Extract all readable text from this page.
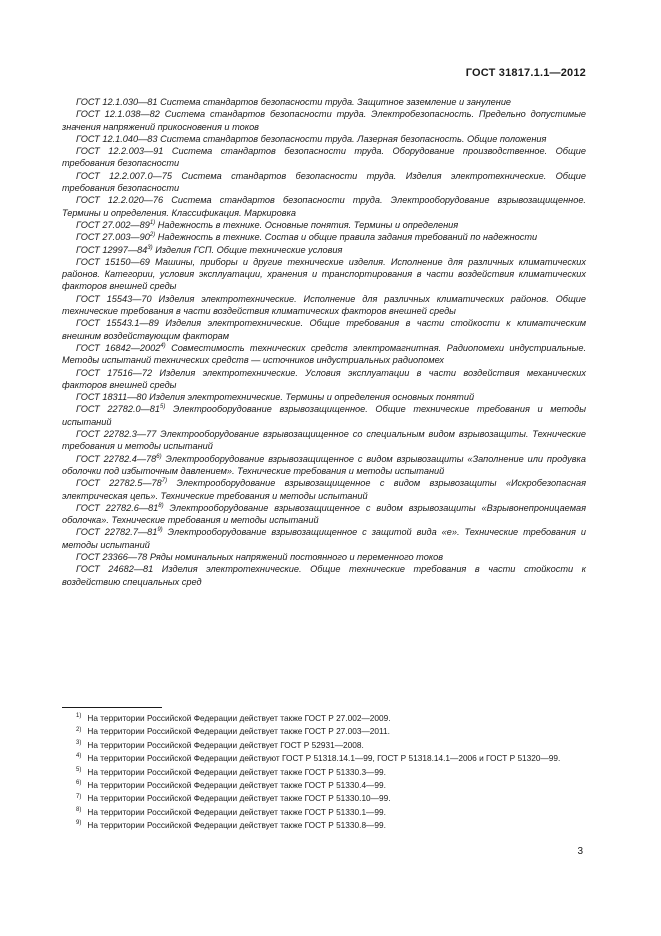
ГОСТ 31817.1.1—2012

ГОСТ 12.1.030—81 Система стандартов безопасности труда. Защитное заземление и зануление

ГОСТ 12.1.038—82 Система стандартов безопасности труда. Электробезопасность. Предельно допустимые значения напряжений прикосновения и токов

ГОСТ 12.1.040—83 Система стандартов безопасности труда. Лазерная безопасность. Общие положения

ГОСТ 12.2.003—91 Система стандартов безопасности труда. Оборудование производственное. Общие требования безопасности

ГОСТ 12.2.007.0—75 Система стандартов безопасности труда. Изделия электротехнические. Общие требования безопасности

ГОСТ 12.2.020—76 Система стандартов безопасности труда. Электрооборудование взрывозащищенное. Термины и определения. Классификация. Маркировка

ГОСТ 27.002—89$^{1)}$ Надежность в технике. Основные понятия. Термины и определения

ГОСТ 27.003—90$^{2)}$ Надежность в технике. Состав и общие правила задания требований по надежности

ГОСТ 12997—84$^{3)}$ Изделия ГСП. Общие технические условия

ГОСТ 15150—69 Машины, приборы и другие технические изделия. Исполнение для различных климатических районов. Категории, условия эксплуатации, хранения и транспортирования в части воздействия климатических факторов внешней среды

ГОСТ 15543—70 Изделия электротехнические. Исполнение для различных климатических районов. Общие технические требования в части воздействия климатических факторов внешней среды

ГОСТ 15543.1—89 Изделия электротехнические. Общие требования в части стойкости к климатическим внешним воздействующим факторам

ГОСТ 16842—2002$^{4)}$ Совместимость технических средств электромагнитная. Радиопомехи индустриальные. Методы испытаний технических средств — источников индустриальных радиопомех

ГОСТ 17516—72 Изделия электротехнические. Условия эксплуатации в части воздействия механических факторов внешней среды

ГОСТ 18311—80 Изделия электротехнические. Термины и определения основных понятий

ГОСТ 22782.0—81$^{5)}$ Электрооборудование взрывозащищенное. Общие технические требования и методы испытаний

ГОСТ 22782.3—77 Электрооборудование взрывозащищенное со специальным видом взрывозащиты. Технические требования и методы испытаний

ГОСТ 22782.4—78$^{6)}$ Электрооборудование взрывозащищенное с видом взрывозащиты «Заполнение или продувка оболочки под избыточным давлением». Технические требования и методы испытаний

ГОСТ 22782.5—78$^{7)}$ Электрооборудование взрывозащищенное с видом взрывозащиты «Искробезопасная электрическая цепь». Технические требования и методы испытаний

ГОСТ 22782.6—81$^{8)}$ Электрооборудование взрывозащищенное с видом взрывозащиты «Взрывонепроницаемая оболочка». Технические требования и методы испытаний

ГОСТ 22782.7—81$^{9)}$ Электрооборудование взрывозащищенное с защитой вида «е». Технические требования и методы испытаний

ГОСТ 23366—78 Ряды номинальных напряжений постоянного и переменного токов

ГОСТ 24682—81 Изделия электротехнические. Общие технические требования в части стойкости к воздействию специальных сред

$^{1)}$ На территории Российской Федерации действует также ГОСТ Р 27.002—2009.

$^{2)}$ На территории Российской Федерации действует также ГОСТ Р 27.003—2011.

$^{3)}$ На территории Российской Федерации действует ГОСТ Р 52931—2008.

$^{4)}$ На территории Российской Федерации действуют ГОСТ Р 51318.14.1—99, ГОСТ Р 51318.14.1—2006 и ГОСТ Р 51320—99.

$^{5)}$ На территории Российской Федерации действует также ГОСТ Р 51330.3—99.

$^{6)}$ На территории Российской Федерации действует также ГОСТ Р 51330.4—99.

$^{7)}$ На территории Российской Федерации действует также ГОСТ Р 51330.10—99.

$^{8)}$ На территории Российской Федерации действует также ГОСТ Р 51330.1—99.

$^{9)}$ На территории Российской Федерации действует также ГОСТ Р 51330.8—99.

3
